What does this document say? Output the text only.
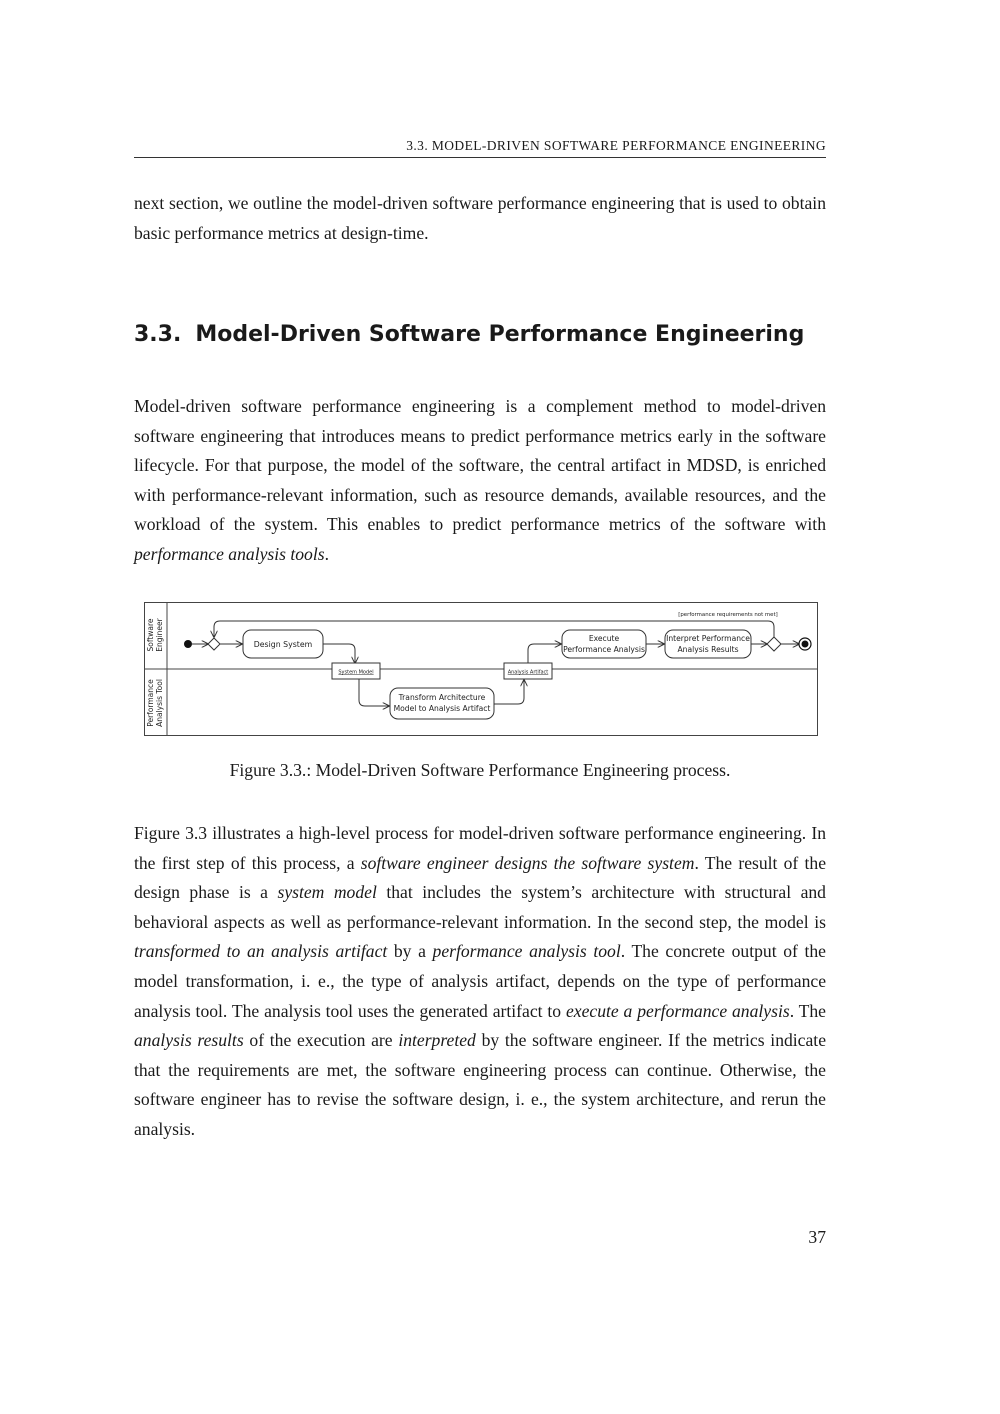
3.3. MODEL-DRIVEN SOFTWARE PERFORMANCE ENGINEERING

next section, we outline the model-driven software performance engineering that is used to obtain basic performance metrics at design-time.

3.3. Model-Driven Software Performance Engineering

Model-driven software performance engineering is a complement method to model-driven software engineering that introduces means to predict performance metrics early in the software lifecycle. For that purpose, the model of the software, the central artifact in MDSD, is enriched with performance-relevant information, such as resource demands, available resources, and the workload of the system. This enables to predict performance metrics of the software with performance analysis tools.

Software Engineer
Performance Analysis Tool
Design System
System Model
Transform Architecture
Model to Analysis Artifact
Analysis Artifact
Execute
Performance Analysis
Interpret Performance
Analysis Results
[performance requirements not met]
Figure 3.3.: Model-Driven Software Performance Engineering process.

Figure 3.3 illustrates a high-level process for model-driven software performance engineering. In the first step of this process, a software engineer designs the software system. The result of the design phase is a system model that includes the system’s architecture with structural and behavioral aspects as well as performance-relevant information. In the second step, the model is transformed to an analysis artifact by a performance analysis tool. The concrete output of the model transformation, i. e., the type of analysis artifact, depends on the type of performance analysis tool. The analysis tool uses the generated artifact to execute a performance analysis. The analysis results of the execution are interpreted by the software engineer. If the metrics indicate that the requirements are met, the software engineering process can continue. Otherwise, the software engineer has to revise the software design, i. e., the system architecture, and rerun the analysis.

37
